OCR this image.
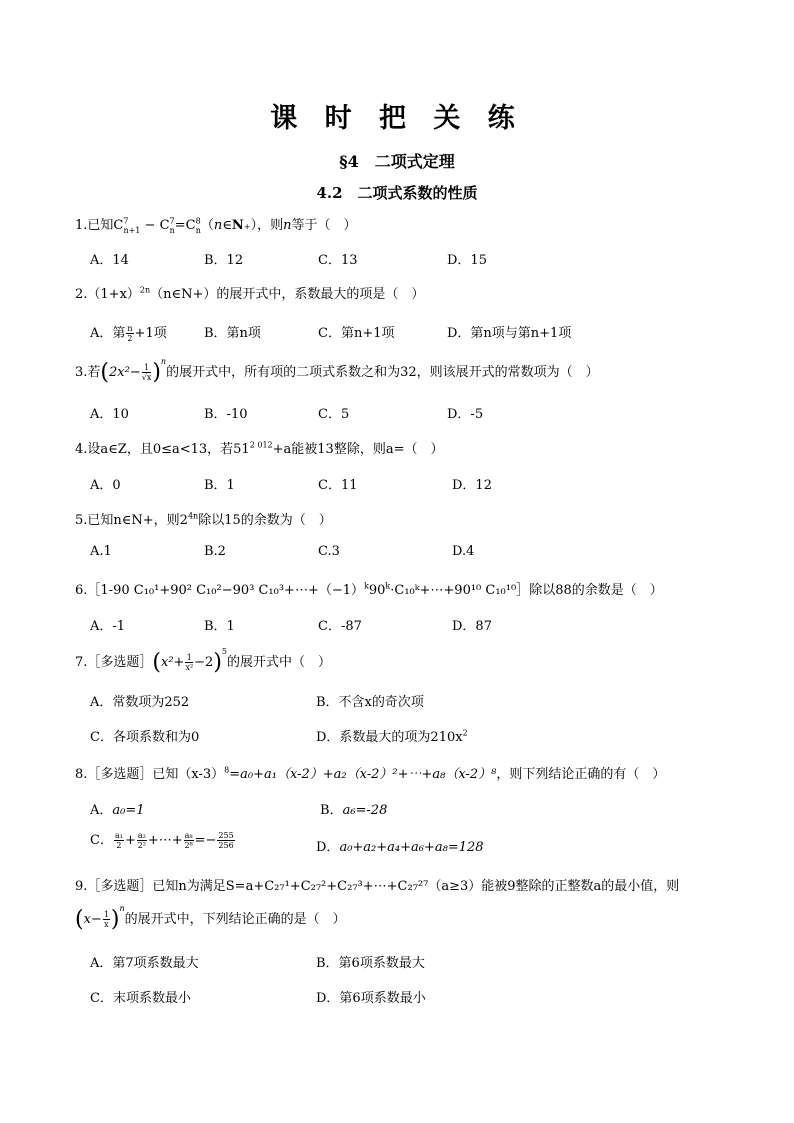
课 时 把 关 练
§4　二项式定理
4.2　二项式系数的性质
1.已知$C^7_{n+1}$ − $C^7_n=C^8_n(n\in N_+)$，则n等于（　）
A．14	B．12	C．13	D．15
$2.(1+x)^{2n}(n\in N+)$的展开式中，系数最大的项是（　）
A．第 $\frac{n}{2} +1$项	B．第n项	C．第n+1项	D．第n项与第n+1项
3.若$(2x^2- \frac{1}{√x} )^n$的展开式中，所有项的二项式系数之和为32，则该展开式的常数项为（　）
A．10	B．-10	C．5	D．-5
4.设a∈Z，且0≤a<13，若$51^{2 012}+a$能被13整除，则a=（　）
A．0	B．1	C．11	D．12
5.已知n∈N+，则$2^{4n}$除以15的余数为（　）
A.1	B.2	C.3	D.4
6.［1-90 C₁₀¹+90² C₁₀²−90³ $C_{10}^3+\cdots+(-1)^k90^k\cdot C_{10}ᵏ+\cdots+90^{10}$ C₁₀¹⁰］除以88的余数是（　）
A．-1	B．1	C．-87	D．87
7.［多选题］(x²+ $\frac{1}{\text{x²}} -2)^5$的展开式中（　）
A．常数项为252	B．不含x的奇次项
C．各项系数和为0	D．系数最大的项为$210x^2$
8.［多选题］已知$(x-3)^8=a_0+a_1(x-2)+a_2(x-2)^2+\cdots+a_8(x-2)^8$，则下列结论正确的有（　）
A．a₀=1	B．a₆=-28
C． $\frac{\text{a₁}}{2} + \frac{\text{a₂}}{\text{2²}}$ +⋯+ $\frac{\text{a₈}}{\text{2⁸}} =- \frac{255}{256}$	D．a₀+a₂+a₄+a₆+a₈=128
9.［多选题］已知n为满足S=a+C₂₇¹+C₂₇²+C₂₇³+⋯+C₂₇²⁷（a≥3）能被9整除的正整数a的最小值，则
$(x- \frac{1}{x} )^n$的展开式中，下列结论正确的是（　）
A．第7项系数最大	B．第6项系数最大
C．末项系数最小	D．第6项系数最小
